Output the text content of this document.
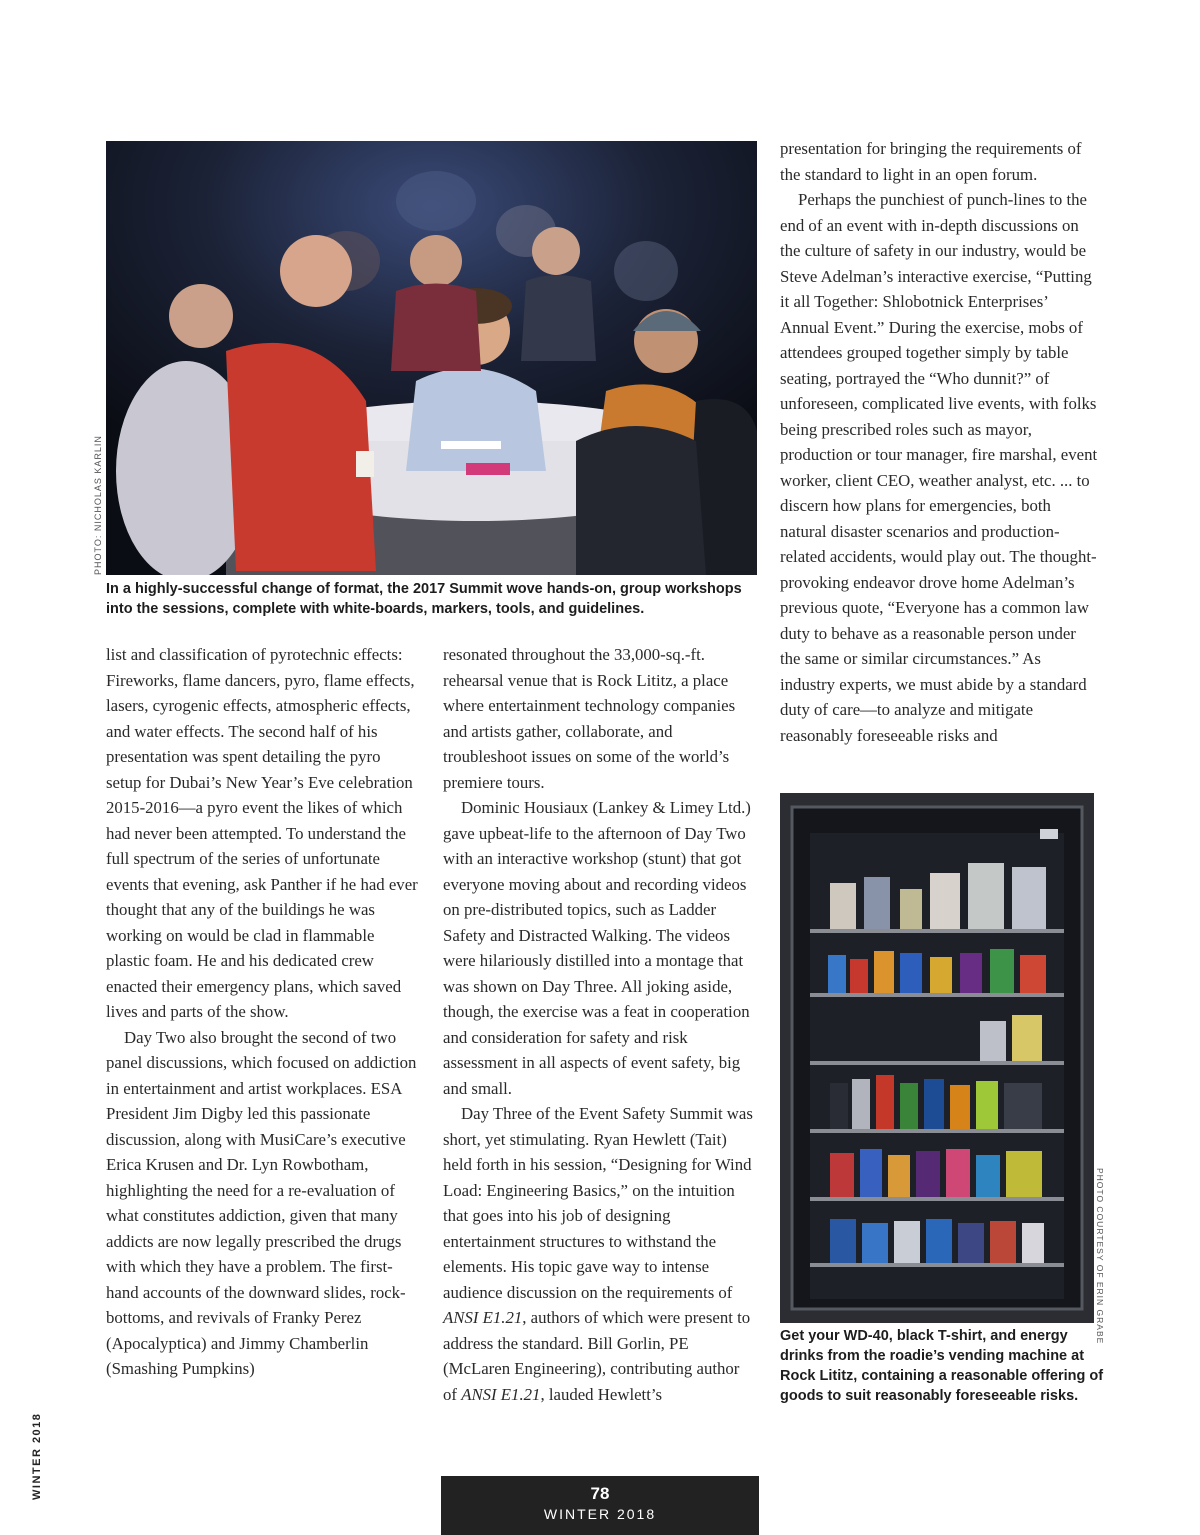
PHOTO: NICHOLAS KARLIN
In a highly-successful change of format, the 2017 Summit wove hands-on, group workshops into the sessions, complete with white-boards, markers, tools, and guidelines.
PHOTO COURTESY OF ERIN GRABE
Get your WD-40, black T-shirt, and energy drinks from the roadie’s vending machine at Rock Lititz, containing a reasonable offering of goods to suit reasonably foreseeable risks.

list and classification of pyrotechnic effects: Fireworks, flame dancers, pyro, flame effects, lasers, cyrogenic effects, atmospheric effects, and water effects. The second half of his presentation was spent detailing the pyro setup for Dubai’s New Year’s Eve celebration 2015-2016—a pyro event the likes of which had never been attempted. To understand the full spectrum of the series of unfortunate events that evening, ask Panther if he had ever thought that any of the buildings he was working on would be clad in flammable plastic foam. He and his dedicated crew enacted their emergency plans, which saved lives and parts of the show.

Day Two also brought the second of two panel discussions, which focused on addiction in entertainment and artist workplaces. ESA President Jim Digby led this passionate discussion, along with MusiCare’s executive Erica Krusen and Dr. Lyn Rowbotham, highlighting the need for a re-evaluation of what constitutes addiction, given that many addicts are now legally prescribed the drugs with which they have a problem. The first-hand accounts of the downward slides, rock-bottoms, and revivals of Franky Perez (Apocalyptica) and Jimmy Chamberlin (Smashing Pumpkins)

resonated throughout the 33,000-sq.-ft. rehearsal venue that is Rock Lititz, a place where entertainment technology companies and artists gather, collaborate, and troubleshoot issues on some of the world’s premiere tours.

Dominic Housiaux (Lankey & Limey Ltd.) gave upbeat-life to the afternoon of Day Two with an interactive workshop (stunt) that got everyone moving about and recording videos on pre-distributed topics, such as Ladder Safety and Distracted Walking. The videos were hilariously distilled into a montage that was shown on Day Three. All joking aside, though, the exercise was a feat in cooperation and consideration for safety and risk assessment in all aspects of event safety, big and small.

Day Three of the Event Safety Summit was short, yet stimulating. Ryan Hewlett (Tait) held forth in his session, “Designing for Wind Load: Engineering Basics,” on the intuition that goes into his job of designing entertainment structures to withstand the elements. His topic gave way to intense audience discussion on the requirements of ANSI E1.21, authors of which were present to address the standard. Bill Gorlin, PE (McLaren Engineering), contributing author of ANSI E1.21, lauded Hewlett’s

presentation for bringing the requirements of the standard to light in an open forum.

Perhaps the punchiest of punch-lines to the end of an event with in-depth discussions on the culture of safety in our industry, would be Steve Adelman’s interactive exercise, “Putting it all Together: Shlobotnick Enterprises’ Annual Event.” During the exercise, mobs of attendees grouped together simply by table seating, portrayed the “Who dunnit?” of unforeseen, complicated live events, with folks being prescribed roles such as mayor, production or tour manager, fire marshal, event worker, client CEO, weather analyst, etc. ... to discern how plans for emergencies, both natural disaster scenarios and production-related accidents, would play out. The thought-provoking endeavor drove home Adelman’s previous quote, “Everyone has a common law duty to behave as a reasonable person under the same or similar circumstances.” As industry experts, we must abide by a standard duty of care—to analyze and mitigate reasonably foreseeable risks and

WINTER 2018	78
WINTER 2018
